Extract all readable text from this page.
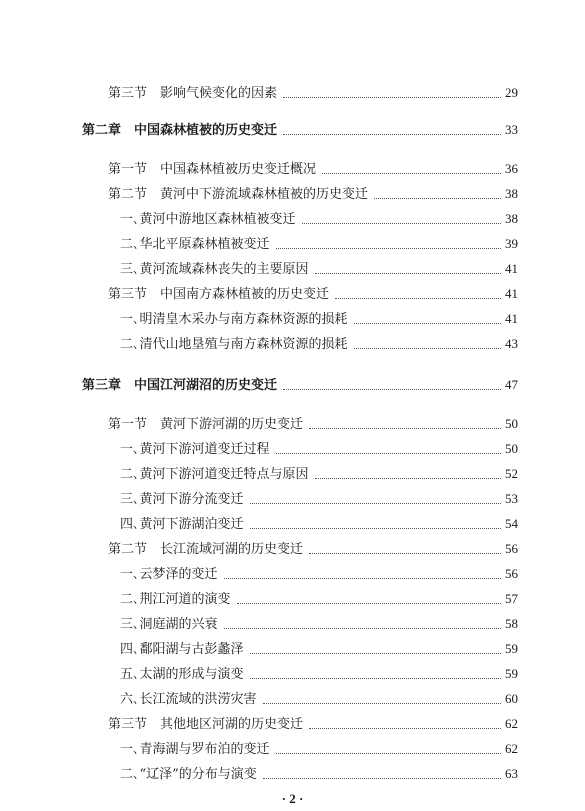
第三节　影响气候变化的因素	29
第二章　中国森林植被的历史变迁	33
第一节　中国森林植被历史变迁概况	36
第二节　黄河中下游流域森林植被的历史变迁	38
一､黄河中游地区森林植被变迁	38
二､华北平原森林植被变迁	39
三､黄河流域森林丧失的主要原因	41
第三节　中国南方森林植被的历史变迁	41
一､明清皇木采办与南方森林资源的损耗	41
二､清代山地垦殖与南方森林资源的损耗	43
第三章　中国江河湖沼的历史变迁	47
第一节　黄河下游河湖的历史变迁	50
一､黄河下游河道变迁过程	50
二､黄河下游河道变迁特点与原因	52
三､黄河下游分流变迁	53
四､黄河下游湖泊变迁	54
第二节　长江流域河湖的历史变迁	56
一､云梦泽的变迁	56
二､荆江河道的演变	57
三､洞庭湖的兴衰	58
四､鄱阳湖与古彭蠡泽	59
五､太湖的形成与演变	59
六､长江流域的洪涝灾害	60
第三节　其他地区河湖的历史变迁	62
一､青海湖与罗布泊的变迁	62
二､“辽泽”的分布与演变	63
· 2 ·
